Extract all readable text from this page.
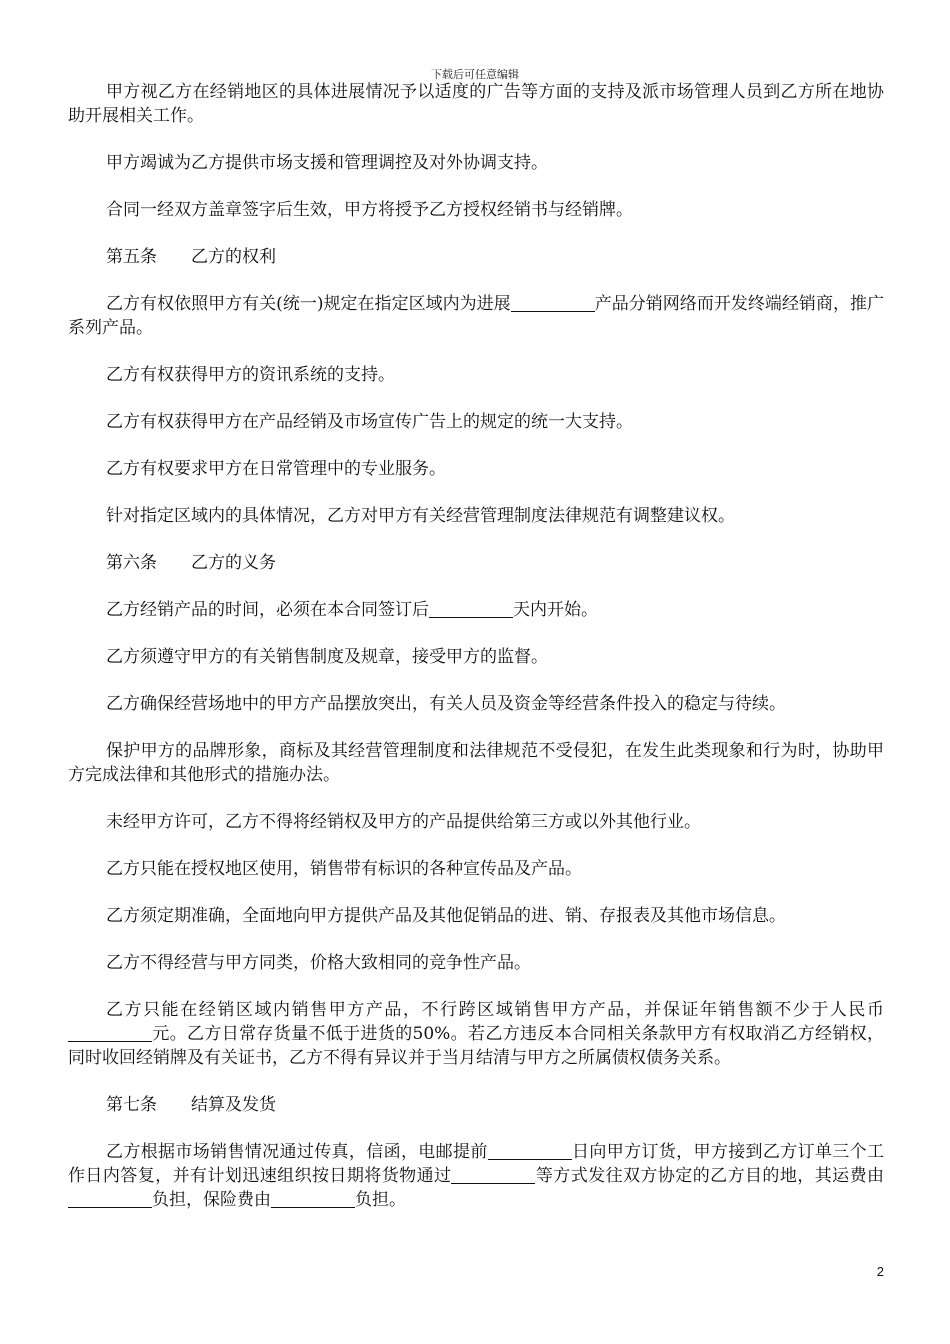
下载后可任意编辑

甲方视乙方在经销地区的具体进展情况予以适度的广告等方面的支持及派市场管理人员到乙方所在地协助开展相关工作。

甲方竭诚为乙方提供市场支援和管理调控及对外协调支持。

合同一经双方盖章签字后生效，甲方将授予乙方授权经销书与经销牌。

第五条 乙方的权利

乙方有权依照甲方有关(统一)规定在指定区域内为进展	产品分销网络而开发终端经销商，推广系列产品。

乙方有权获得甲方的资讯系统的支持。

乙方有权获得甲方在产品经销及市场宣传广告上的规定的统一大支持。

乙方有权要求甲方在日常管理中的专业服务。

针对指定区域内的具体情况，乙方对甲方有关经营管理制度法律规范有调整建议权。

第六条 乙方的义务

乙方经销产品的时间，必须在本合同签订后	天内开始。

乙方须遵守甲方的有关销售制度及规章，接受甲方的监督。

乙方确保经营场地中的甲方产品摆放突出，有关人员及资金等经营条件投入的稳定与待续。

保护甲方的品牌形象，商标及其经营管理制度和法律规范不受侵犯，在发生此类现象和行为时，协助甲方完成法律和其他形式的措施办法。

未经甲方许可，乙方不得将经销权及甲方的产品提供给第三方或以外其他行业。

乙方只能在授权地区使用，销售带有标识的各种宣传品及产品。

乙方须定期准确，全面地向甲方提供产品及其他促销品的进、销、存报表及其他市场信息。

乙方不得经营与甲方同类，价格大致相同的竞争性产品。

乙方只能在经销区域内销售甲方产品，不行跨区域销售甲方产品，并保证年销售额不少于人民币元。乙方日常存货量不低于进货的50%。若乙方违反本合同相关条款甲方有权取消乙方经销权，同时收回经销牌及有关证书，乙方不得有异议并于当月结清与甲方之所属债权债务关系。

第七条 结算及发货

乙方根据市场销售情况通过传真，信函，电邮提前	日向甲方订货，甲方接到乙方订单三个工作日内答复，并有计划迅速组织按日期将货物通过	等方式发往双方协定的乙方目的地，其运费由负担，保险费由	负担。

2
